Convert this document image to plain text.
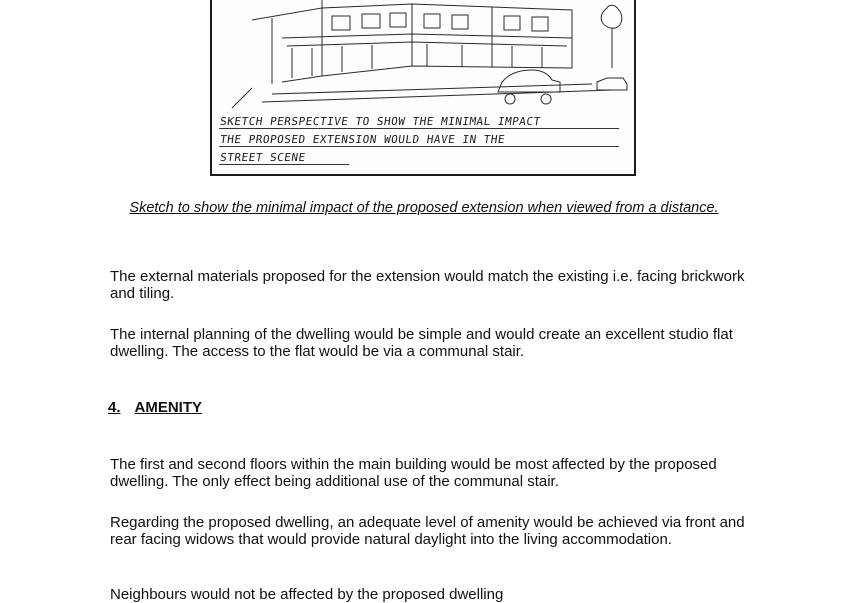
SKETCH PERSPECTIVE TO SHOW THE MINIMAL IMPACT
THE PROPOSED EXTENSION WOULD HAVE IN THE
STREET SCENE
Sketch to show the minimal impact of the proposed extension when viewed from a distance.
The external materials proposed for the extension would match the existing i.e. facing brickwork and tiling.
The internal planning of the dwelling would be simple and would create an excellent studio flat dwelling. The access to the flat would be via a communal stair.
4. AMENITY
The first and second floors within the main building would be most affected by the proposed dwelling. The only effect being additional use of the communal stair.
Regarding the proposed dwelling, an adequate level of amenity would be achieved via front and rear facing widows that would provide natural daylight into the living accommodation.
Neighbours would not be affected by the proposed dwelling
